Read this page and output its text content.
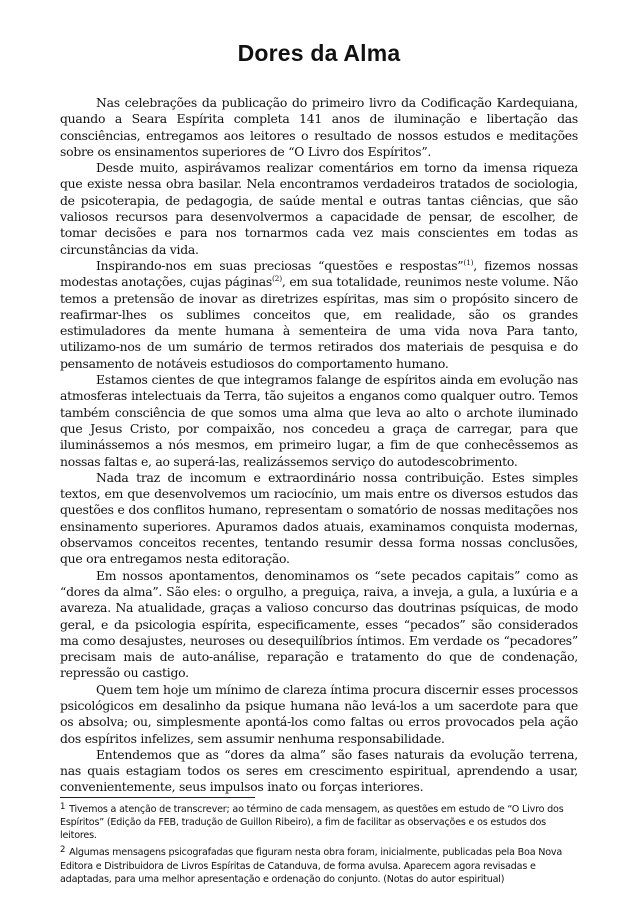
Dores da Alma

Nas celebrações da publicação do primeiro livro da Codificação Kardequiana, quando a Seara Espírita completa 141 anos de iluminação e libertação das consciências, entregamos aos leitores o resultado de nossos estudos e meditações sobre os ensinamentos superiores de “O Livro dos Espíritos”.

Desde muito, aspirávamos realizar comentários em torno da imensa riqueza que existe nessa obra basilar. Nela encontramos verdadeiros tratados de sociologia, de psicoterapia, de pedagogia, de saúde mental e outras tantas ciências, que são valiosos recursos para desenvolvermos a capacidade de pensar, de escolher, de tomar decisões e para nos tornarmos cada vez mais conscientes em todas as circunstâncias da vida.

Inspirando-nos em suas preciosas “questões e respostas”$^{(1)}$, fizemos nossas modestas anotações, cujas páginas$^{(2)}$, em sua totalidade, reunimos neste volume. Não temos a pretensão de inovar as diretrizes espíritas, mas sim o propósito sincero de reafirmar-lhes os sublimes conceitos que, em realidade, são os grandes estimuladores da mente humana à sementeira de uma vida nova Para tanto, utilizamo-nos de um sumário de termos retirados dos materiais de pesquisa e do pensamento de notáveis estudiosos do comportamento humano.

Estamos cientes de que integramos falange de espíritos ainda em evolução nas atmosferas intelectuais da Terra, tão sujeitos a enganos como qualquer outro. Temos também consciência de que somos uma alma que leva ao alto o archote iluminado que Jesus Cristo, por compaixão, nos concedeu a graça de carregar, para que iluminássemos a nós mesmos, em primeiro lugar, a fim de que conhecêssemos as nossas faltas e, ao superá-las, realizássemos serviço do autodescobrimento.

Nada traz de incomum e extraordinário nossa contribuição. Estes simples textos, em que desenvolvemos um raciocínio, um mais entre os diversos estudos das questões e dos conflitos humano, representam o somatório de nossas meditações nos ensinamento superiores. Apuramos dados atuais, examinamos conquista modernas, observamos conceitos recentes, tentando resumir dessa forma nossas conclusões, que ora entregamos nesta editoração.

Em nossos apontamentos, denominamos os “sete pecados capitais” como as “dores da alma”. São eles: o orgulho, a preguiça, raiva, a inveja, a gula, a luxúria e a avareza. Na atualidade, graças a valioso concurso das doutrinas psíquicas, de modo geral, e da psicologia espírita, especificamente, esses “pecados” são considerados ma como desajustes, neuroses ou desequilíbrios íntimos. Em verdade os “pecadores” precisam mais de auto-análise, reparação e tratamento do que de condenação, repressão ou castigo.

Quem tem hoje um mínimo de clareza íntima procura discernir esses processos psicológicos em desalinho da psique humana não levá-los a um sacerdote para que os absolva; ou, simplesmente apontá-los como faltas ou erros provocados pela ação dos espíritos infelizes, sem assumir nenhuma responsabilidade.

Entendemos que as “dores da alma” são fases naturais da evolução terrena, nas quais estagiam todos os seres em crescimento espiritual, aprendendo a usar, convenientemente, seus impulsos inato ou forças interiores.

1 Tivemos a atenção de transcrever; ao término de cada mensagem, as questões em estudo de “O Livro dos Espíritos” (Edição da FEB, tradução de Guillon Ribeiro), a fim de facilitar as observações e os estudos dos leitores.

2 Algumas mensagens psicografadas que figuram nesta obra foram, inicialmente, publicadas pela Boa Nova Editora e Distribuidora de Livros Espíritas de Catanduva, de forma avulsa. Aparecem agora revisadas e adaptadas, para uma melhor apresentação e ordenação do conjunto. (Notas do autor espiritual)
